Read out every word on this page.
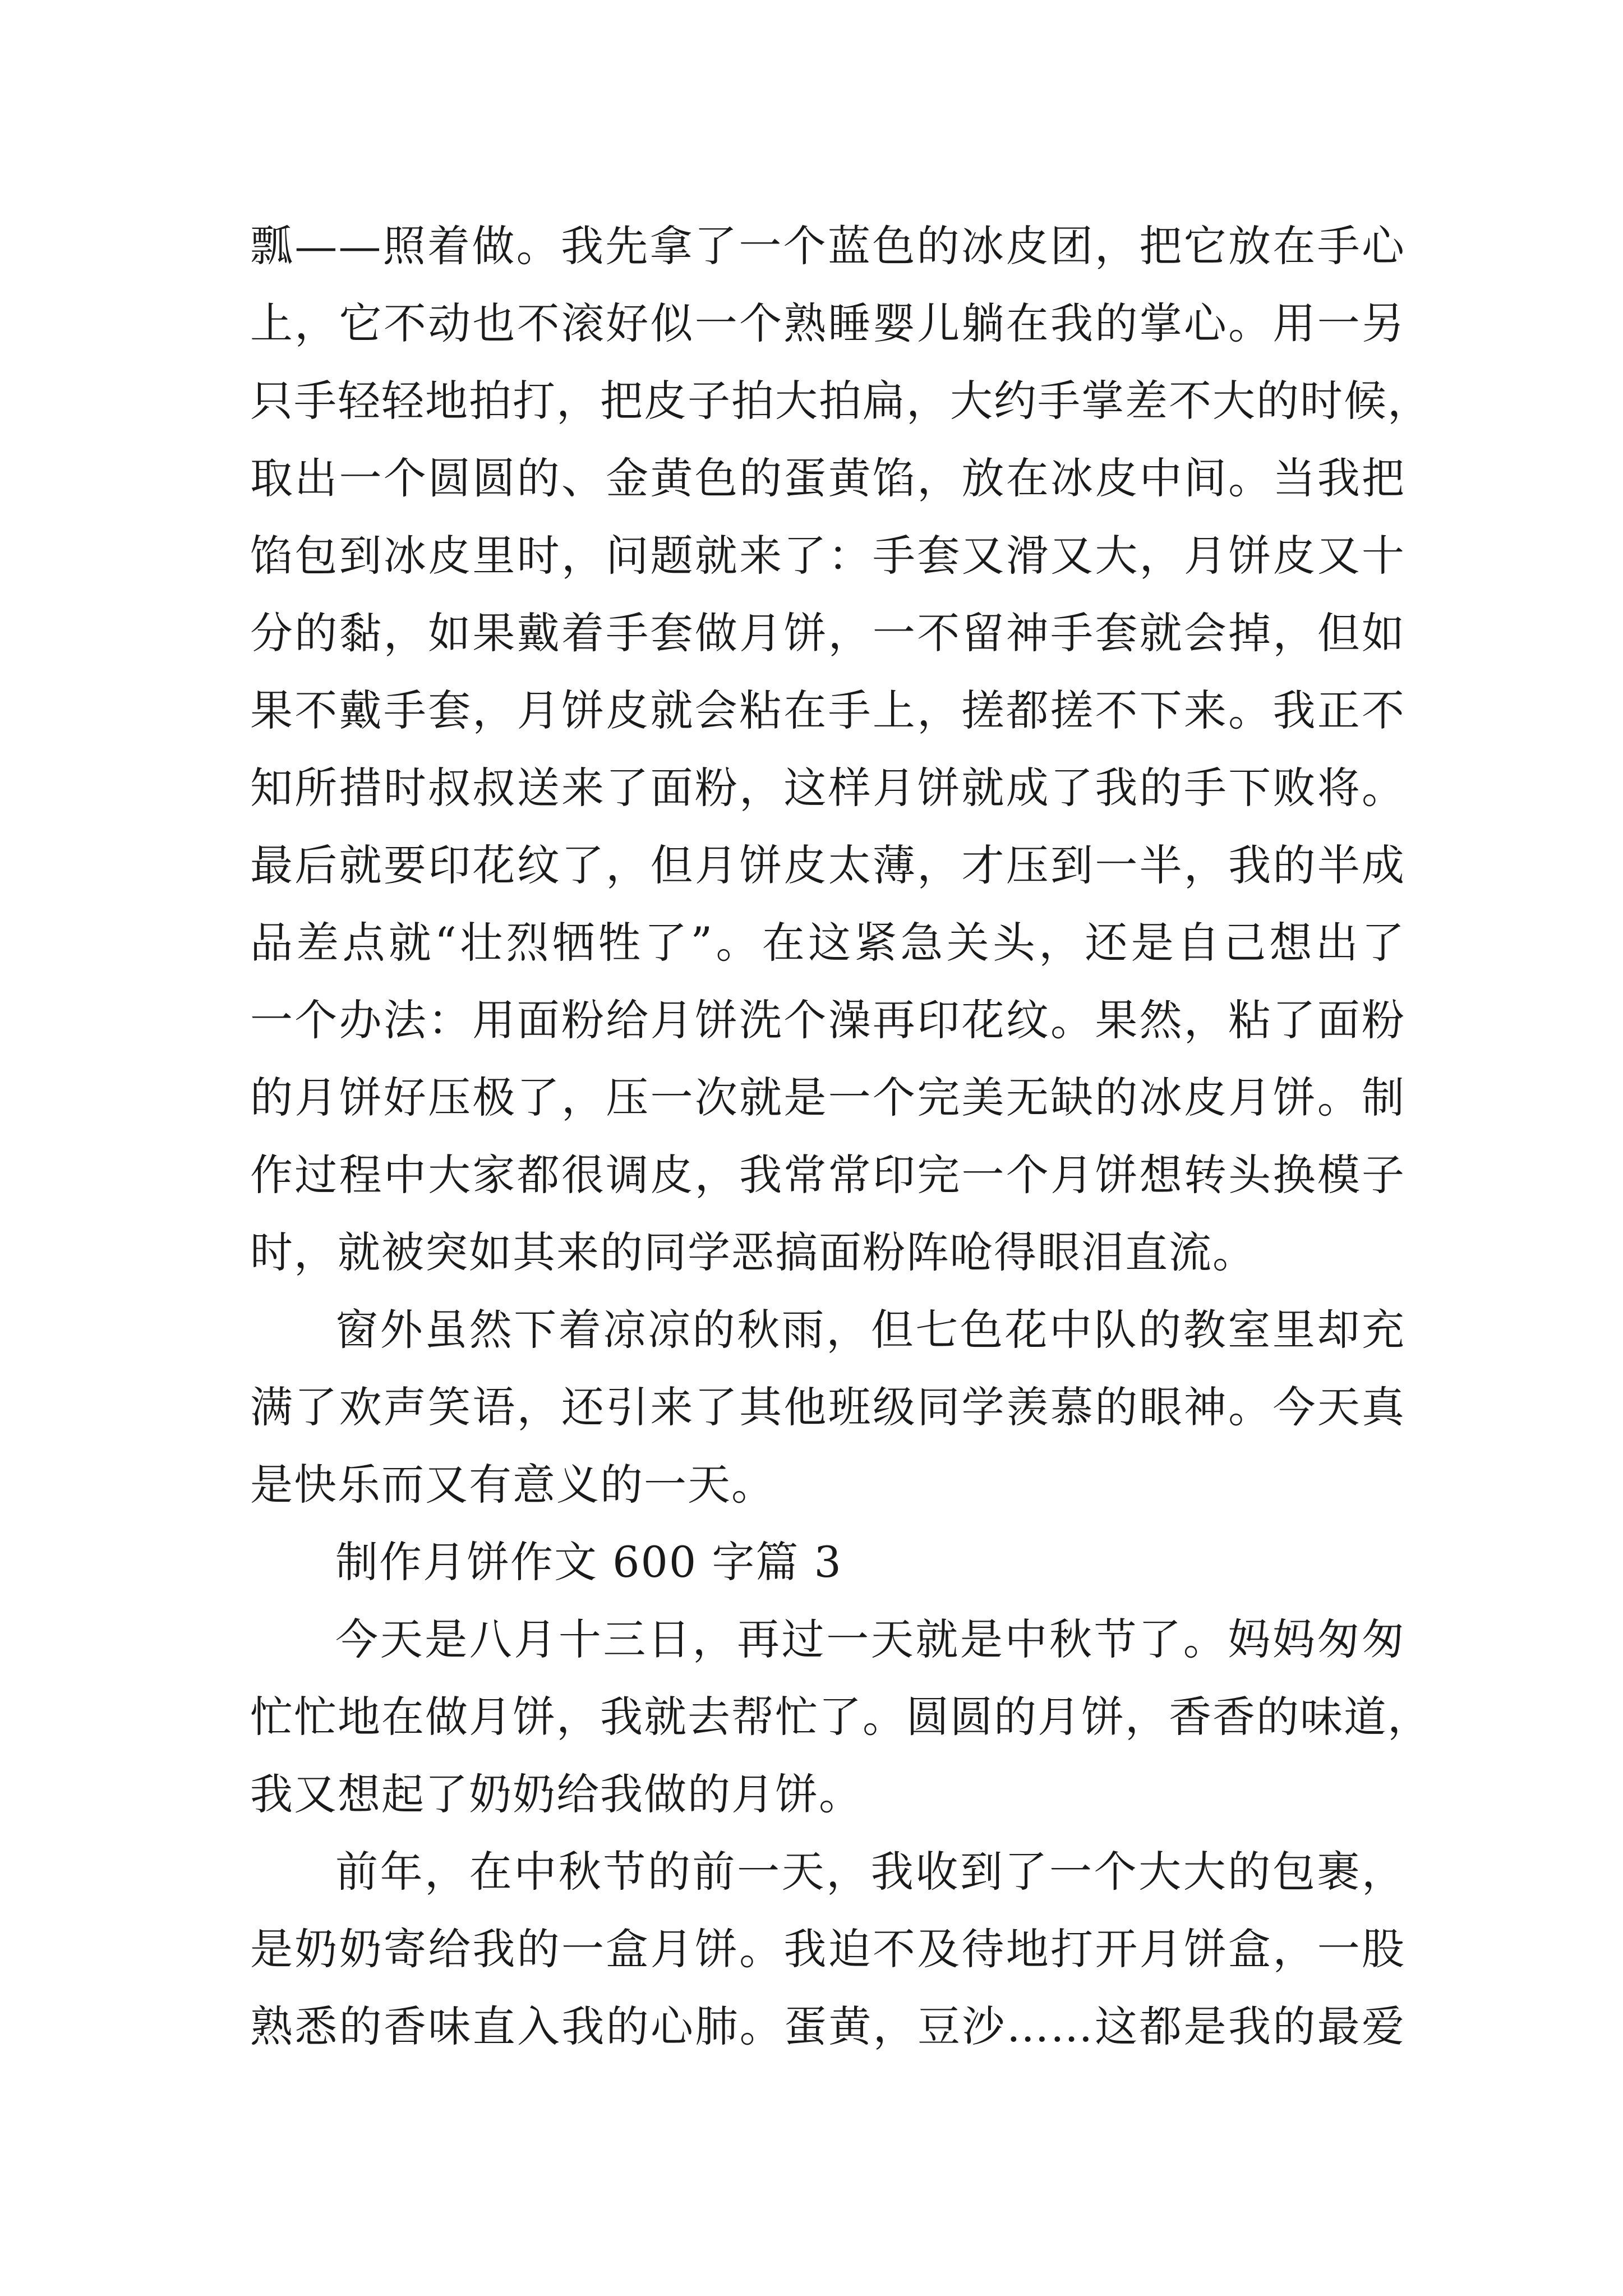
瓢——照着做。我先拿了一个蓝色的冰皮团，把它放在手心
上，它不动也不滚好似一个熟睡婴儿躺在我的掌心。用一另
只手轻轻地拍打，把皮子拍大拍扁，大约手掌差不大的时候，
取出一个圆圆的、金黄色的蛋黄馅，放在冰皮中间。当我把
馅包到冰皮里时，问题就来了：手套又滑又大，月饼皮又十
分的黏，如果戴着手套做月饼，一不留神手套就会掉，但如
果不戴手套，月饼皮就会粘在手上，搓都搓不下来。我正不
知所措时叔叔送来了面粉，这样月饼就成了我的手下败将。
最后就要印花纹了，但月饼皮太薄，才压到一半，我的半成
品差点就“壮烈牺牲了”。在这紧急关头，还是自己想出了
一个办法：用面粉给月饼洗个澡再印花纹。果然，粘了面粉
的月饼好压极了，压一次就是一个完美无缺的冰皮月饼。制
作过程中大家都很调皮，我常常印完一个月饼想转头换模子
时，就被突如其来的同学恶搞面粉阵呛得眼泪直流。
窗外虽然下着凉凉的秋雨，但七色花中队的教室里却充
满了欢声笑语，还引来了其他班级同学羡慕的眼神。今天真
是快乐而又有意义的一天。
制作月饼作文 600 字篇 3
今天是八月十三日，再过一天就是中秋节了。妈妈匆匆
忙忙地在做月饼，我就去帮忙了。圆圆的月饼，香香的味道，
我又想起了奶奶给我做的月饼。
前年，在中秋节的前一天，我收到了一个大大的包裹，
是奶奶寄给我的一盒月饼。我迫不及待地打开月饼盒，一股
熟悉的香味直入我的心肺。蛋黄，豆沙……这都是我的最爱
